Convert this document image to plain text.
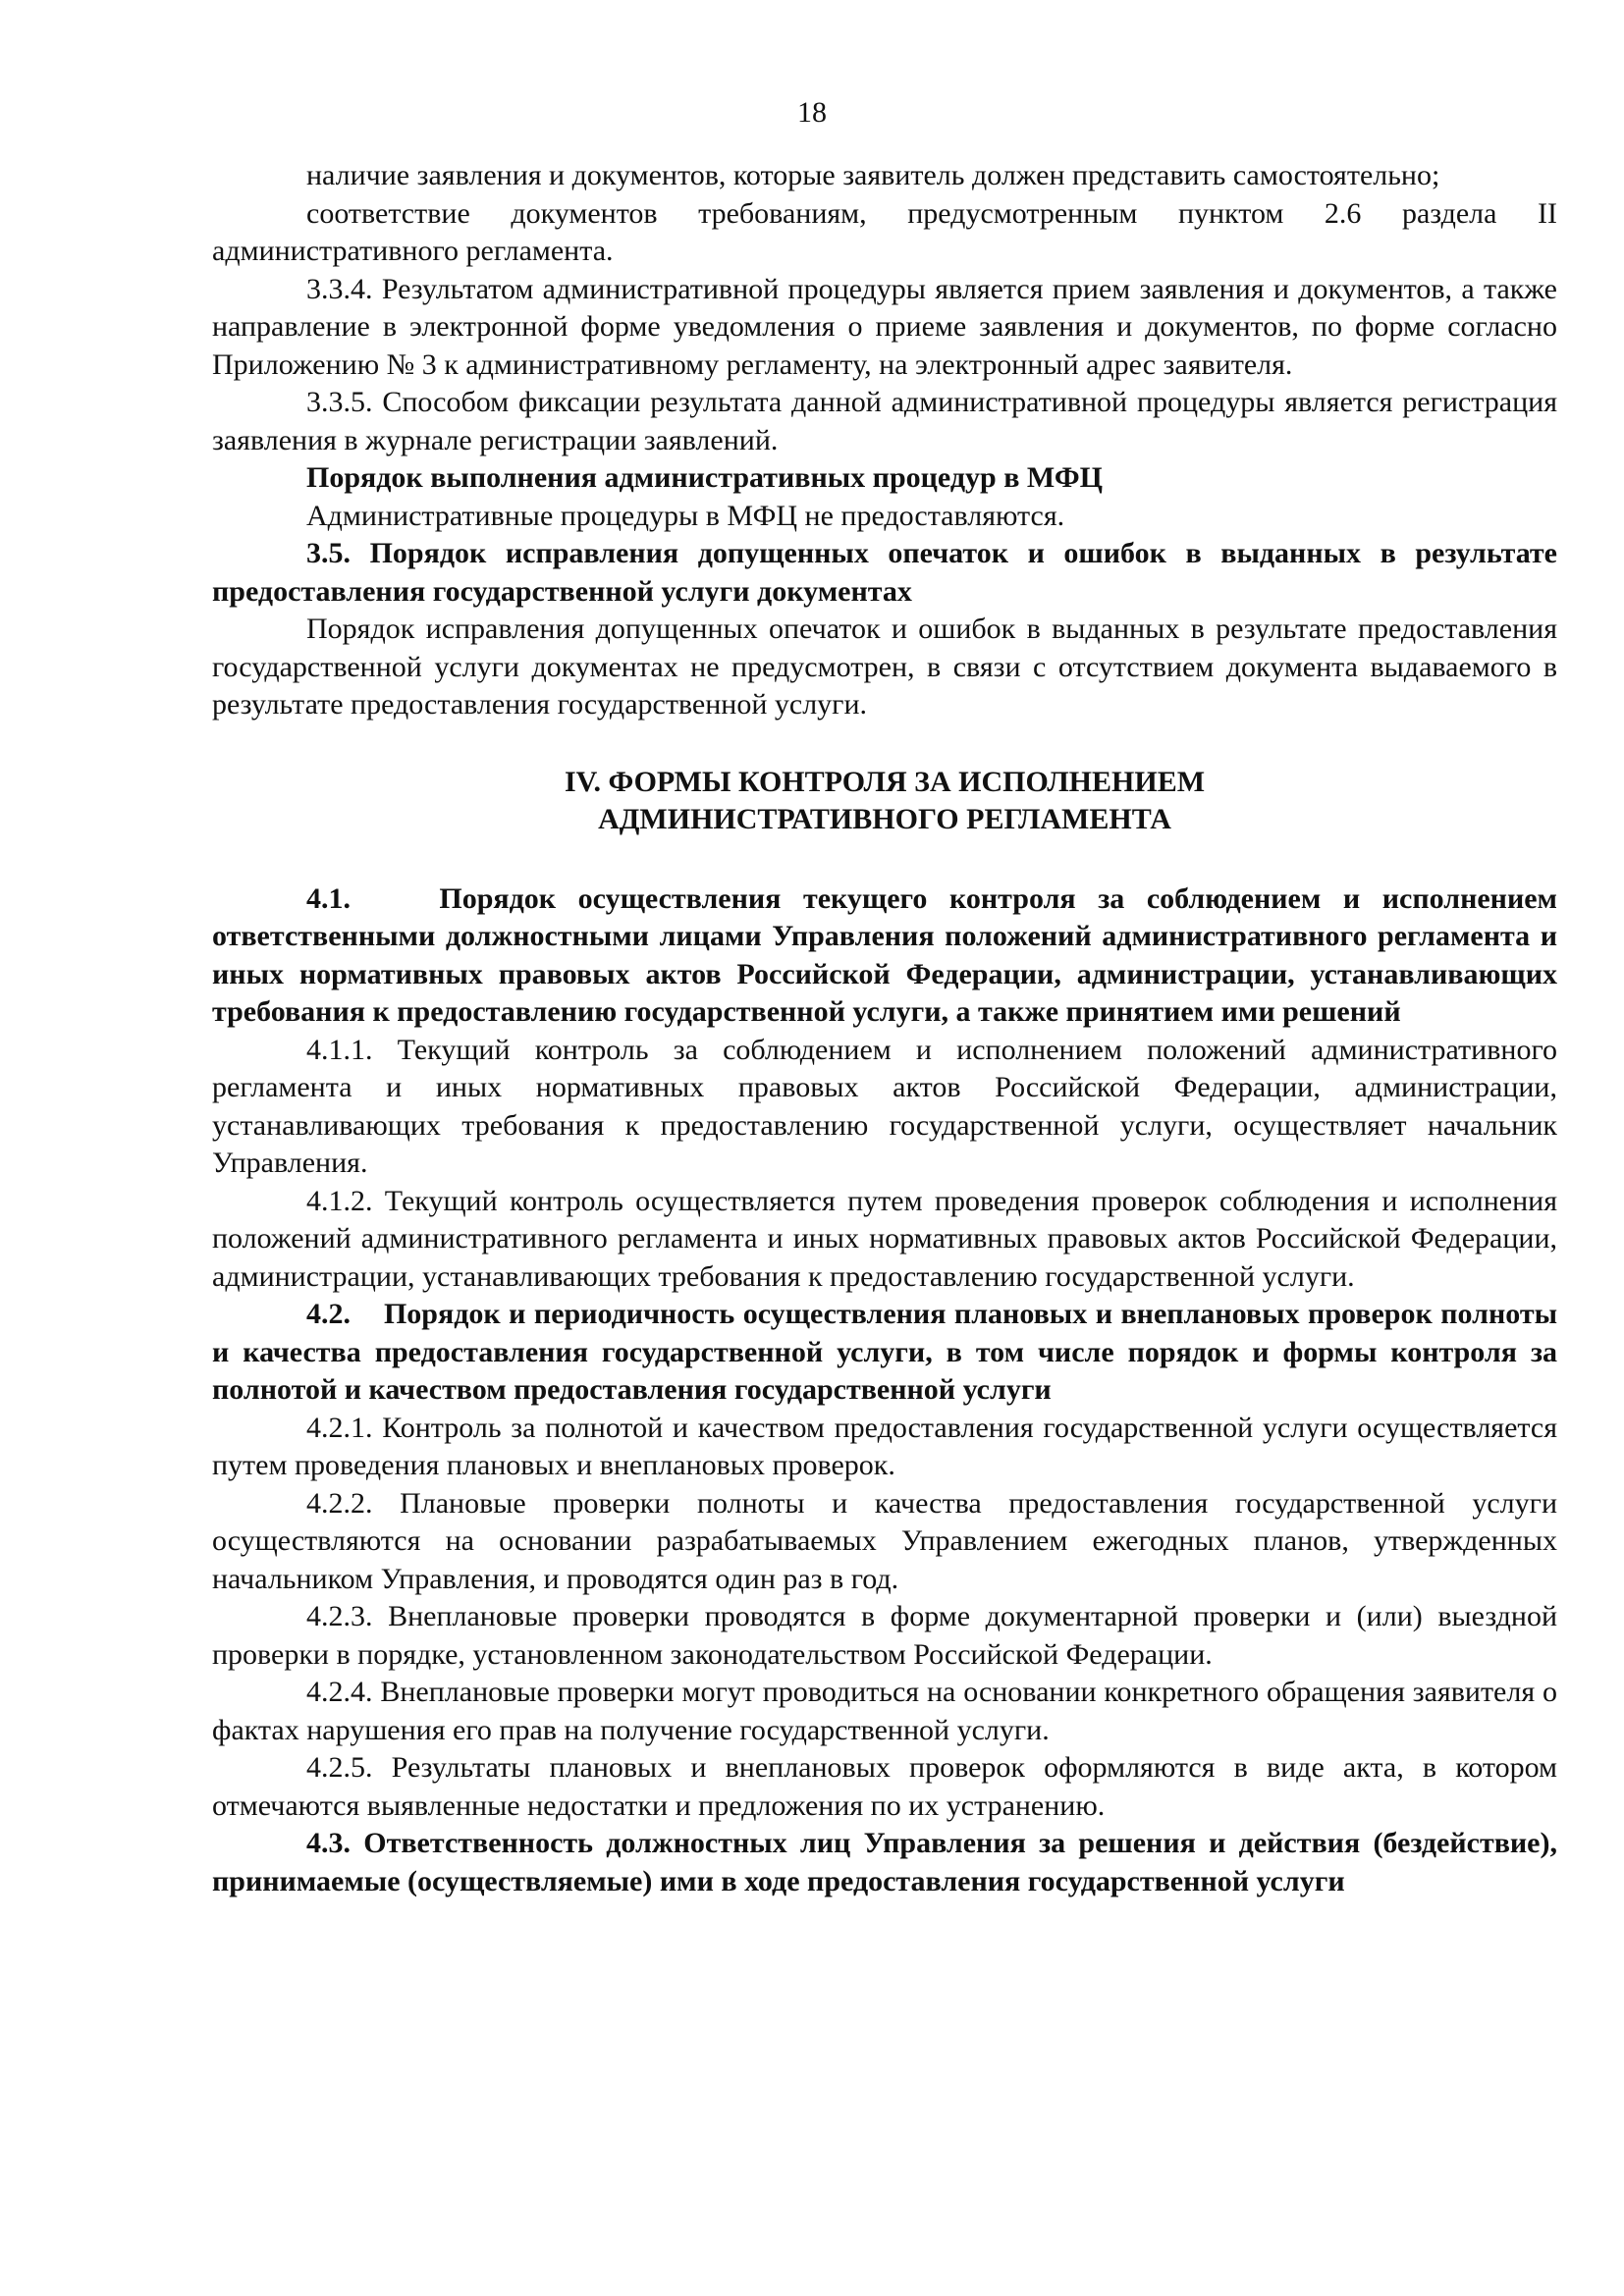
18

наличие заявления и документов, которые заявитель должен представить самостоятельно;

соответствие документов требованиям, предусмотренным пунктом 2.6 раздела II административного регламента.

3.3.4. Результатом административной процедуры является прием заявления и документов, а также направление в электронной форме уведомления о приеме заявления и документов, по форме согласно Приложению № 3 к административному регламенту, на электронный адрес заявителя.

3.3.5. Способом фиксации результата данной административной процедуры является регистрация заявления в журнале регистрации заявлений.

Порядок выполнения административных процедур в МФЦ

Административные процедуры в МФЦ не предоставляются.

3.5. Порядок исправления допущенных опечаток и ошибок в выданных в результате предоставления государственной услуги документах

Порядок исправления допущенных опечаток и ошибок в выданных в результате предоставления государственной услуги документах не предусмотрен, в связи с отсутствием документа выдаваемого в результате предоставления государственной услуги.

IV. ФОРМЫ КОНТРОЛЯ ЗА ИСПОЛНЕНИЕМ

АДМИНИСТРАТИВНОГО РЕГЛАМЕНТА

4.1.    Порядок осуществления текущего контроля за соблюдением и исполнением ответственными должностными лицами Управления положений административного регламента и иных нормативных правовых актов Российской Федерации, администрации, устанавливающих требования к предоставлению государственной услуги, а также принятием ими решений

4.1.1. Текущий контроль за соблюдением и исполнением положений административного регламента и иных нормативных правовых актов Российской Федерации, администрации, устанавливающих требования к предоставлению государственной услуги, осуществляет начальник Управления.

4.1.2. Текущий контроль осуществляется путем проведения проверок соблюдения и исполнения положений административного регламента и иных нормативных правовых актов Российской Федерации, администрации, устанавливающих требования к предоставлению государственной услуги.

4.2.    Порядок и периодичность осуществления плановых и внеплановых проверок полноты и качества предоставления государственной услуги, в том числе порядок и формы контроля за полнотой и качеством предоставления государственной услуги

4.2.1. Контроль за полнотой и качеством предоставления государственной услуги осуществляется путем проведения плановых и внеплановых проверок.

4.2.2. Плановые проверки полноты и качества предоставления государственной услуги осуществляются на основании разрабатываемых Управлением ежегодных планов, утвержденных начальником Управления, и проводятся один раз в год.

4.2.3. Внеплановые проверки проводятся в форме документарной проверки и (или) выездной проверки в порядке, установленном законодательством Российской Федерации.

4.2.4. Внеплановые проверки могут проводиться на основании конкретного обращения заявителя о фактах нарушения его прав на получение государственной услуги.

4.2.5. Результаты плановых и внеплановых проверок оформляются в виде акта, в котором отмечаются выявленные недостатки и предложения по их устранению.

4.3. Ответственность должностных лиц Управления за решения и действия (бездействие), принимаемые (осуществляемые) ими в ходе предоставления государственной услуги
